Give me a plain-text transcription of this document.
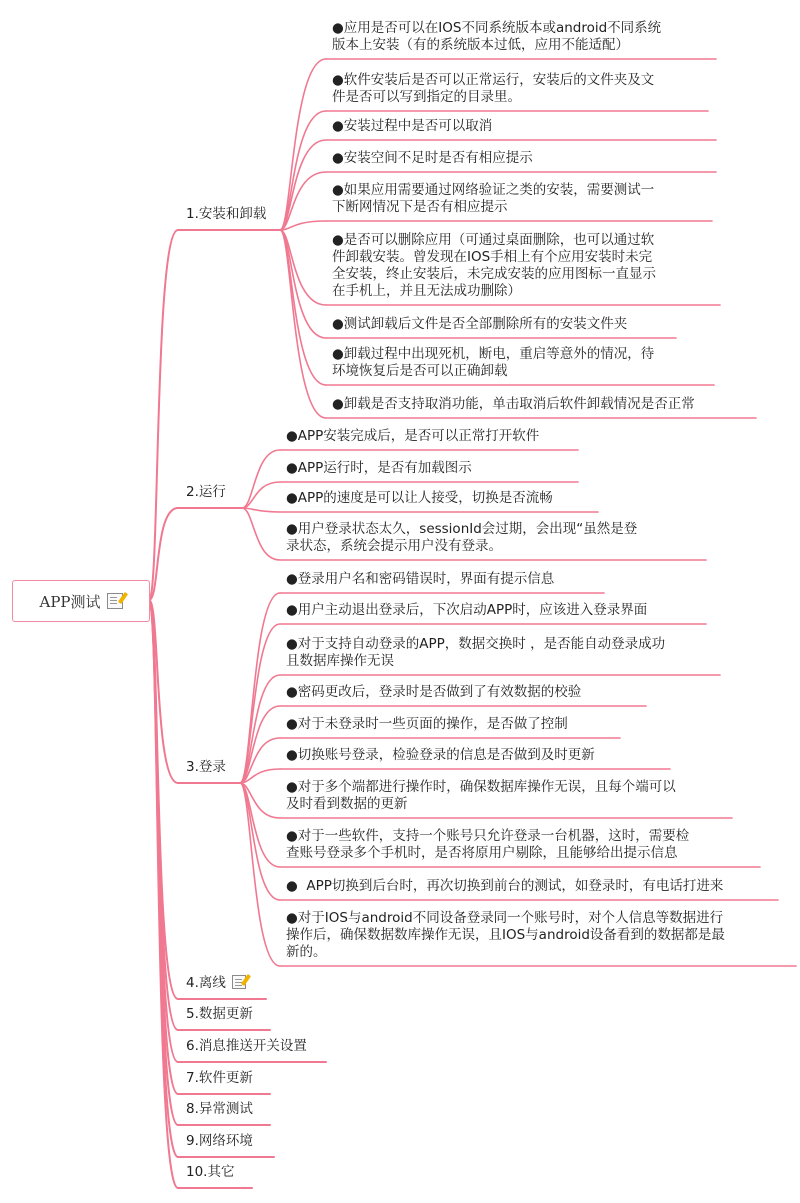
APP测试
1.安装和卸载
●应用是否可以在IOS不同系统版本或android不同系统
版本上安装（有的系统版本过低，应用不能适配）
●软件安装后是否可以正常运行，安装后的文件夹及文
件是否可以写到指定的目录里。
●安装过程中是否可以取消
●安装空间不足时是否有相应提示
●如果应用需要通过网络验证之类的安装，需要测试一
下断网情况下是否有相应提示
●是否可以删除应用（可通过桌面删除，也可以通过软
件卸载安装。曾发现在IOS手相上有个应用安装时未完
全安装，终止安装后，未完成安装的应用图标一直显示
在手机上，并且无法成功删除）
●测试卸载后文件是否全部删除所有的安装文件夹
●卸载过程中出现死机，断电，重启等意外的情况，待
环境恢复后是否可以正确卸载
●卸载是否支持取消功能，单击取消后软件卸载情况是否正常
2.运行
●APP安装完成后，是否可以正常打开软件
●APP运行时，是否有加载图示
●APP的速度是可以让人接受，切换是否流畅
●用户登录状态太久，sessionId会过期，会出现“虽然是登
录状态，系统会提示用户没有登录。
3.登录
●登录用户名和密码错误时，界面有提示信息
●用户主动退出登录后，下次启动APP时，应该进入登录界面
●对于支持自动登录的APP，数据交换时 ，是否能自动登录成功
且数据库操作无误
●密码更改后，登录时是否做到了有效数据的校验
●对于未登录时一些页面的操作，是否做了控制
●切换账号登录，检验登录的信息是否做到及时更新
●对于多个端都进行操作时，确保数据库操作无误，且每个端可以
及时看到数据的更新
●对于一些软件，支持一个账号只允许登录一台机器，这时，需要检
查账号登录多个手机时，是否将原用户剔除，且能够给出提示信息
●  APP切换到后台时，再次切换到前台的测试，如登录时，有电话打进来
●对于IOS与android不同设备登录同一个账号时，对个人信息等数据进行
操作后，确保数据数库操作无误，且IOS与android设备看到的数据都是最
新的。
4.离线
5.数据更新
6.消息推送开关设置
7.软件更新
8.异常测试
9.网络环境
10.其它
